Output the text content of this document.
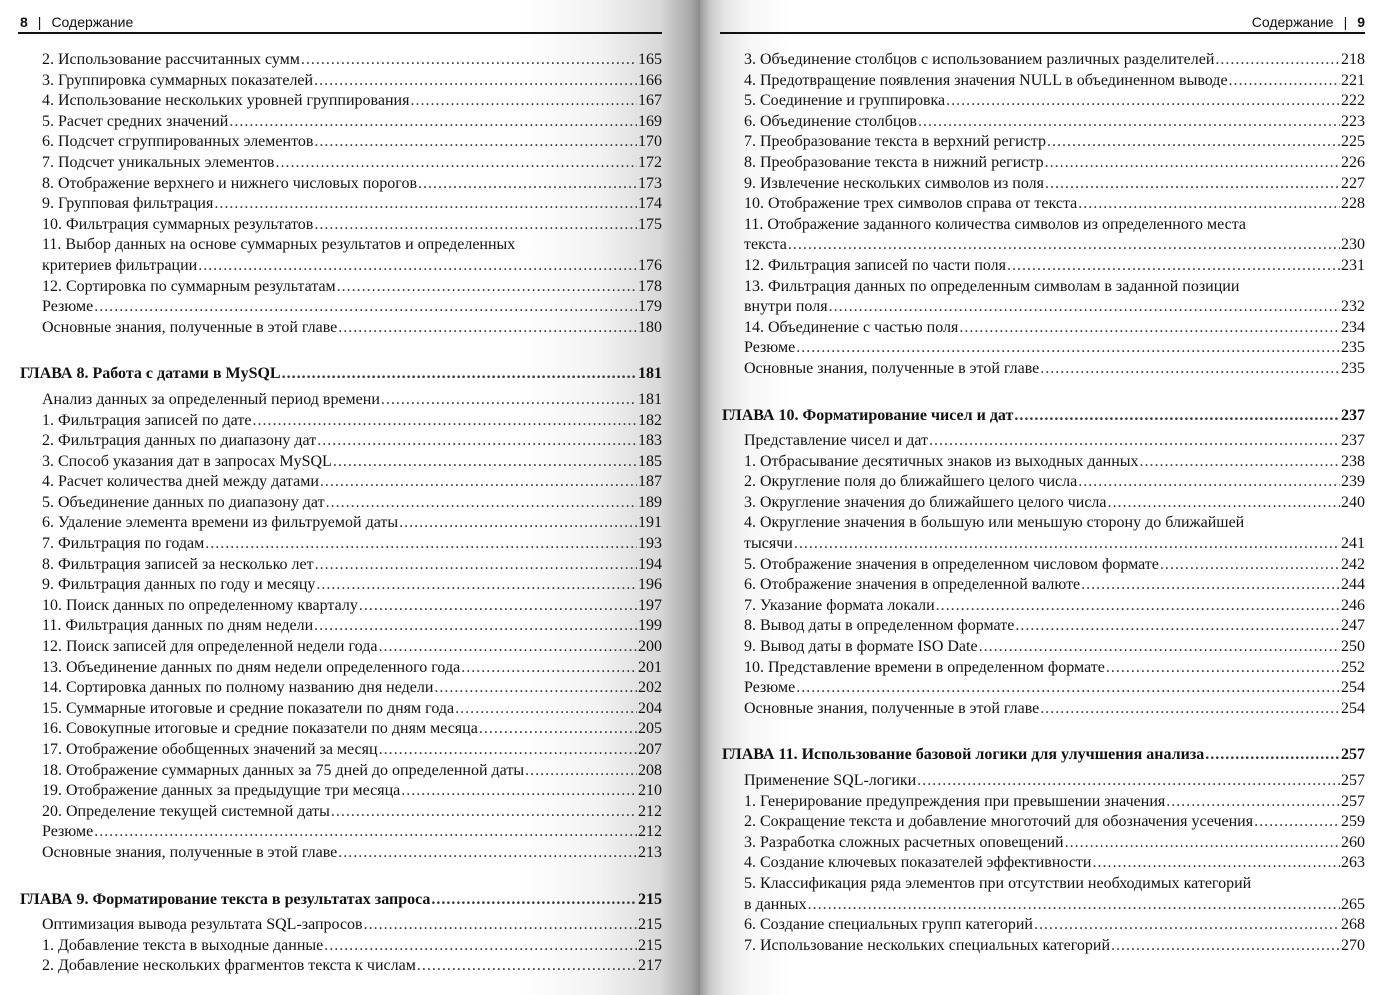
8 | Содержание
2. Использование рассчитанных сумм .....	165
3. Группировка суммарных показателей .....	166
4. Использование нескольких уровней группирования .....	167
5. Расчет средних значений .....	169
6. Подсчет сгруппированных элементов .....	170
7. Подсчет уникальных элементов .....	172
8. Отображение верхнего и нижнего числовых порогов .....	173
9. Групповая фильтрация .....	174
10. Фильтрация суммарных результатов .....	175
11. Выбор данных на основе суммарных результатов и определенных
критериев фильтрации .....	176
12. Сортировка по суммарным результатам .....	178
Резюме .....	179
Основные знания, полученные в этой главе .....	180
ГЛАВА 8. Работа с датами в MySQL .....	181
Анализ данных за определенный период времени .....	181
1. Фильтрация записей по дате .....	182
2. Фильтрация данных по диапазону дат .....	183
3. Способ указания дат в запросах MySQL .....	185
4. Расчет количества дней между датами .....	187
5. Объединение данных по диапазону дат .....	189
6. Удаление элемента времени из фильтруемой даты .....	191
7. Фильтрация по годам .....	193
8. Фильтрация записей за несколько лет .....	194
9. Фильтрация данных по году и месяцу .....	196
10. Поиск данных по определенному кварталу .....	197
11. Фильтрация данных по дням недели .....	199
12. Поиск записей для определенной недели года .....	200
13. Объединение данных по дням недели определенного года .....	201
14. Сортировка данных по полному названию дня недели .....	202
15. Суммарные итоговые и средние показатели по дням года .....	204
16. Совокупные итоговые и средние показатели по дням месяца .....	205
17. Отображение обобщенных значений за месяц .....	207
18. Отображение суммарных данных за 75 дней до определенной даты .....	208
19. Отображение данных за предыдущие три месяца .....	210
20. Определение текущей системной даты .....	212
Резюме .....	212
Основные знания, полученные в этой главе .....	213
ГЛАВА 9. Форматирование текста в результатах запроса .....	215
Оптимизация вывода результата SQL-запросов .....	215
1. Добавление текста в выходные данные .....	215
2. Добавление нескольких фрагментов текста к числам .....	217
Содержание | 9
3. Объединение столбцов с использованием различных разделителей .....	218
4. Предотвращение появления значения NULL в объединенном выводе .....	221
5. Соединение и группировка .....	222
6. Объединение столбцов .....	223
7. Преобразование текста в верхний регистр .....	225
8. Преобразование текста в нижний регистр .....	226
9. Извлечение нескольких символов из поля .....	227
10. Отображение трех символов справа от текста .....	228
11. Отображение заданного количества символов из определенного места
текста .....	230
12. Фильтрация записей по части поля .....	231
13. Фильтрация данных по определенным символам в заданной позиции
внутри поля .....	232
14. Объединение с частью поля .....	234
Резюме .....	235
Основные знания, полученные в этой главе .....	235
ГЛАВА 10. Форматирование чисел и дат .....	237
Представление чисел и дат .....	237
1. Отбрасывание десятичных знаков из выходных данных .....	238
2. Округление поля до ближайшего целого числа .....	239
3. Округление значения до ближайшего целого числа .....	240
4. Округление значения в большую или меньшую сторону до ближайшей
тысячи .....	241
5. Отображение значения в определенном числовом формате .....	242
6. Отображение значения в определенной валюте .....	244
7. Указание формата локали .....	246
8. Вывод даты в определенном формате .....	247
9. Вывод даты в формате ISO Date .....	250
10. Представление времени в определенном формате .....	252
Резюме .....	254
Основные знания, полученные в этой главе .....	254
ГЛАВА 11. Использование базовой логики для улучшения анализа .....	257
Применение SQL-логики .....	257
1. Генерирование предупреждения при превышении значения .....	257
2. Сокращение текста и добавление многоточий для обозначения усечения .....	259
3. Разработка сложных расчетных оповещений .....	260
4. Создание ключевых показателей эффективности .....	263
5. Классификация ряда элементов при отсутствии необходимых категорий
в данных .....	265
6. Создание специальных групп категорий .....	268
7. Использование нескольких специальных категорий .....	270
